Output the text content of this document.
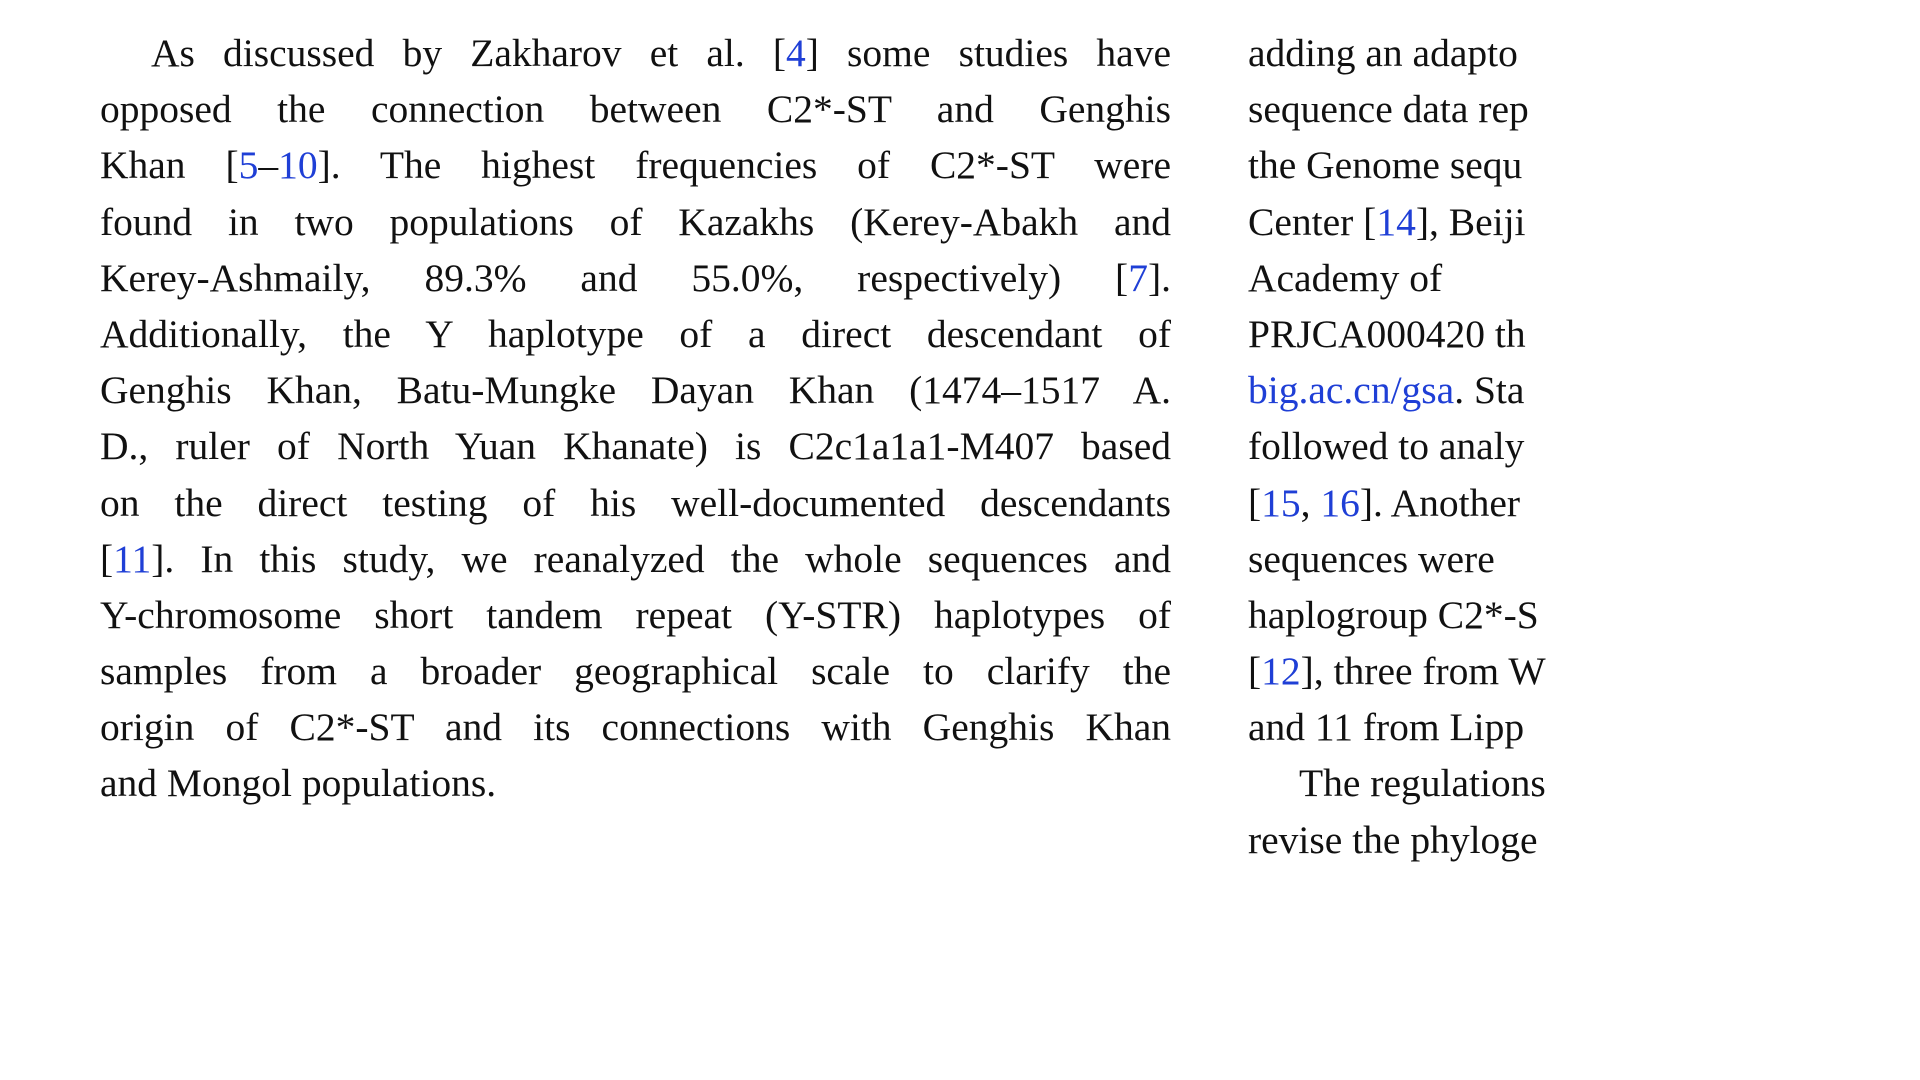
As discussed by Zakharov et al. [4] some studies have
opposed the connection between C2*-ST and Genghis
Khan [5–10]. The highest frequencies of C2*-ST were
found in two populations of Kazakhs (Kerey-Abakh and
Kerey-Ashmaily, 89.3% and 55.0%, respectively) [7].
Additionally, the Y haplotype of a direct descendant of
Genghis Khan, Batu-Mungke Dayan Khan (1474–1517 A.
D., ruler of North Yuan Khanate) is C2c1a1a1-M407 based
on the direct testing of his well-documented descendants
[11]. In this study, we reanalyzed the whole sequences and
Y-chromosome short tandem repeat (Y-STR) haplotypes of
samples from a broader geographical scale to clarify the
origin of C2*-ST and its connections with Genghis Khan
and Mongol populations.
adding an adapto
sequence data rep
the Genome sequ
Center [14], Beiji
Academy of
PRJCA000420 th
big.ac.cn/gsa. Sta
followed to analy
[15, 16]. Another
sequences were
haplogroup C2*-S
[12], three from W
and 11 from Lipp
The regulations
revise the phyloge
